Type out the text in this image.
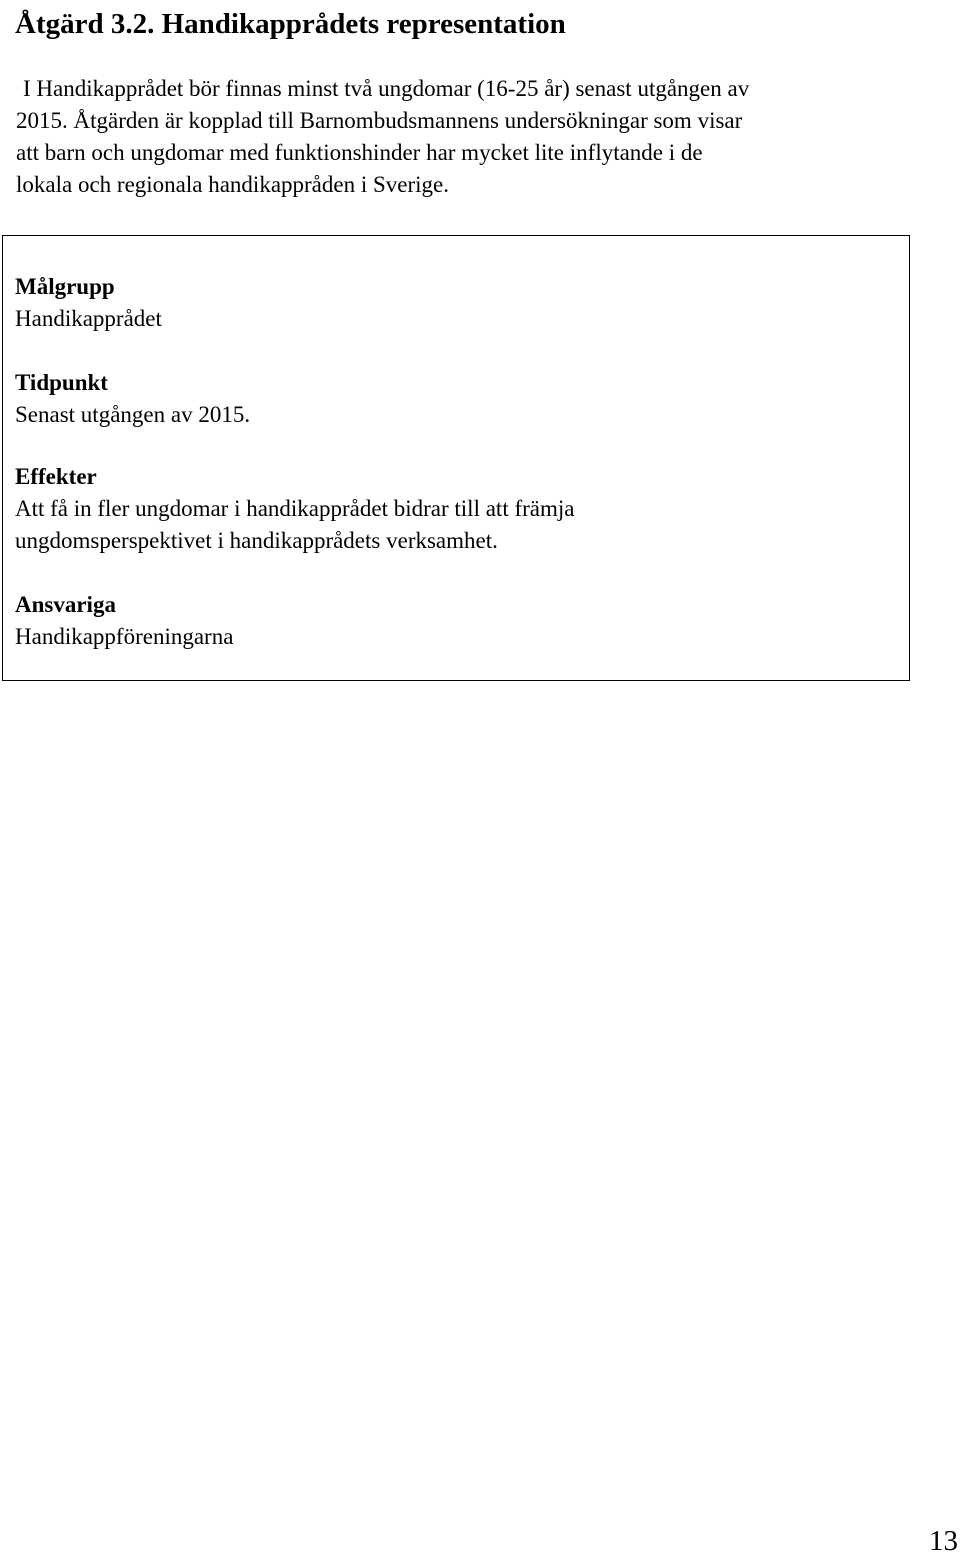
Åtgärd 3.2. Handikapprådets representation

I Handikapprådet bör finnas minst två ungdomar (16-25 år) senast utgången av
2015. Åtgärden är kopplad till Barnombudsmannens undersökningar som visar
att barn och ungdomar med funktionshinder har mycket lite inflytande i de
lokala och regionala handikappråden i Sverige.

Målgrupp
Handikapprådet
Tidpunkt
Senast utgången av 2015.
Effekter
Att få in fler ungdomar i handikapprådet bidrar till att främja
ungdomsperspektivet i handikapprådets verksamhet.
Ansvariga
Handikappföreningarna
13
